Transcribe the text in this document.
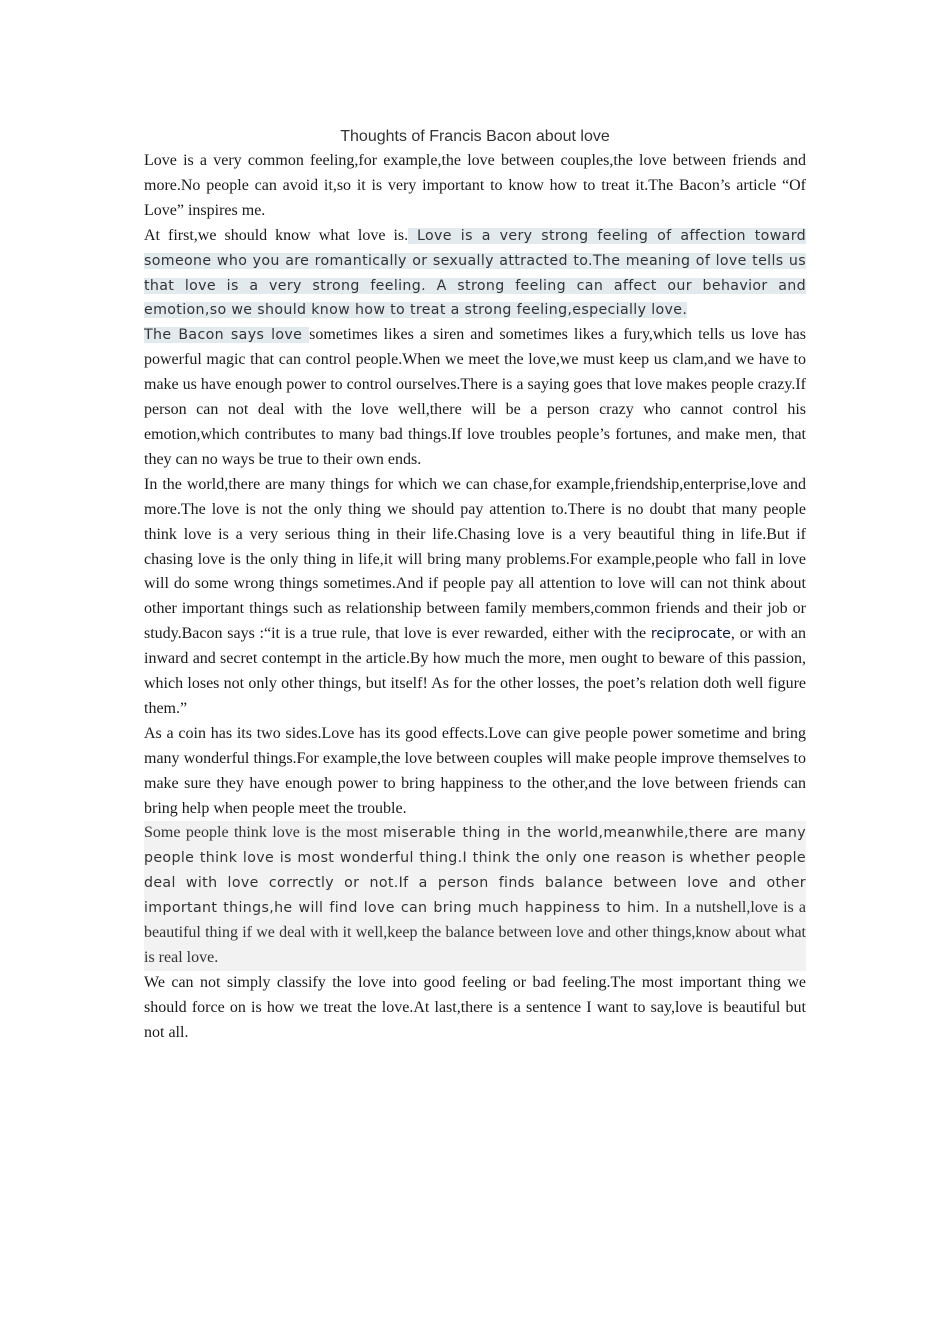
Thoughts of Francis Bacon about love

Love is a very common feeling,for example,the love between couples,the love between friends and more.No people can avoid it,so it is very important to know how to treat it.The Bacon’s article “Of Love” inspires me.

At first,we should know what love is. Love is a very strong feeling of affection toward someone who you are romantically or sexually attracted to.The meaning of love tells us that love is a very strong feeling. A strong feeling can affect our behavior and emotion,so we should know how to treat a strong feeling,especially love.

The Bacon says love sometimes likes a siren and sometimes likes a fury,which tells us love has powerful magic that can control people.When we meet the love,we must keep us clam,and we have to make us have enough power to control ourselves.There is a saying goes that love makes people crazy.If person can not deal with the love well,there will be a person crazy who cannot control his emotion,which contributes to many bad things.If love troubles people’s fortunes, and make men, that they can no ways be true to their own ends.

In the world,there are many things for which we can chase,for example,friendship,enterprise,love and more.The love is not the only thing we should pay attention to.There is no doubt that many people think love is a very serious thing in their life.Chasing love is a very beautiful thing in life.But if chasing love is the only thing in life,it will bring many problems.For example,people who fall in love will do some wrong things sometimes.And if people pay all attention to love will can not think about other important things such as relationship between family members,common friends and their job or study.Bacon says :“it is a true rule, that love is ever rewarded, either with the reciprocate, or with an inward and secret contempt in the article.By how much the more, men ought to beware of this passion, which loses not only other things, but itself! As for the other losses, the poet’s relation doth well figure them.”

As a coin has its two sides.Love has its good effects.Love can give people power sometime and bring many wonderful things.For example,the love between couples will make people improve themselves to make sure they have enough power to bring happiness to the other,and the love between friends can bring help when people meet the trouble.

Some people think love is the most miserable thing in the world,meanwhile,there are many people think love is most wonderful thing.I think the only one reason is whether people deal with love correctly or not.If a person finds balance between love and other important things,he will find love can bring much happiness to him. In a nutshell,love is a beautiful thing if we deal with it well,keep the balance between love and other things,know about what is real love.

We can not simply classify the love into good feeling or bad feeling.The most important thing we should force on is how we treat the love.At last,there is a sentence I want to say,love is beautiful but not all.
